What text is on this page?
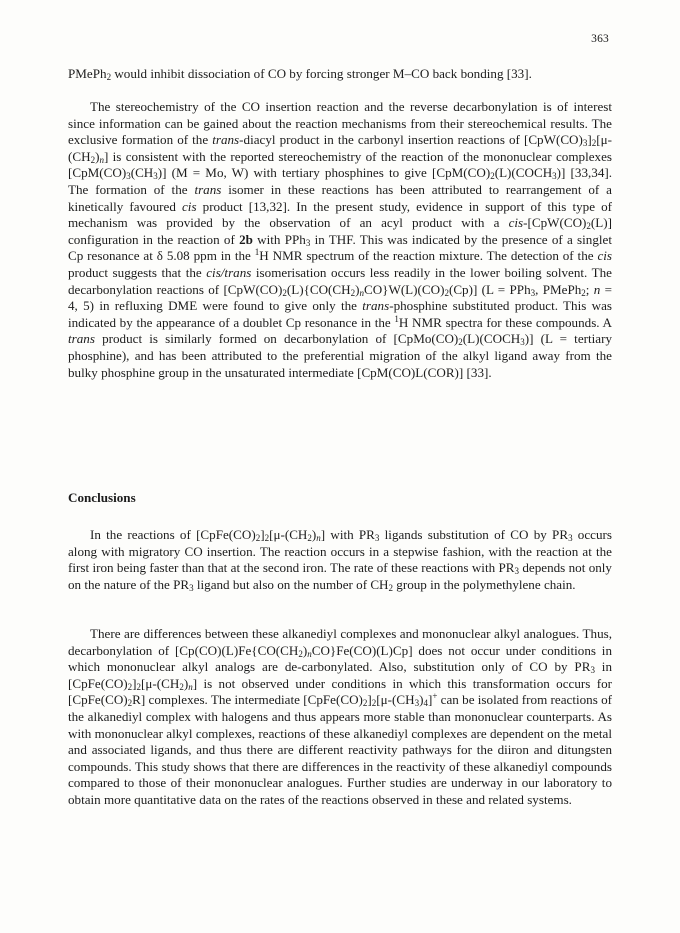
363

PMePh$_2$ would inhibit dissociation of CO by forcing stronger M–CO back bonding [33].

The stereochemistry of the CO insertion reaction and the reverse decarbonylation is of interest since information can be gained about the reaction mechanisms from their stereochemical results. The exclusive formation of the trans-diacyl product in the carbonyl insertion reactions of $[CpW(CO)_3]_2[\mu-(CH_2)_n]$ is consistent with the reported stereochemistry of the reaction of the mononuclear complexes $[CpM(CO)_3(CH_3)] (M = Mo$, W) with tertiary phosphines to give $[CpM(CO)_2(L)(COCH_3)]$ [33,34]. The formation of the trans isomer in these reactions has been attributed to rearrangement of a kinetically favoured cis product [13,32]. In the present study, evidence in support of this type of mechanism was provided by the observation of an acyl product with a cis-$[CpW(CO)_2(L)]$ configuration in the reaction of 2b with PPh$_3$ in THF. This was indicated by the presence of a singlet Cp resonance at δ 5.08 ppm in the $^1$H NMR spectrum of the reaction mixture. The detection of the cis product suggests that the cis/trans isomerisation occurs less readily in the lower boiling solvent. The decarbonylation reactions of $[CpW(CO)_2(L)\{CO(CH_2)_nCO\}W(L)(CO)_2(Cp)] (L = PPh_3$, PMePh$_2$; n = 4, 5) in refluxing DME were found to give only the trans-phosphine substituted product. This was indicated by the appearance of a doublet Cp resonance in the $^1$H NMR spectra for these compounds. A trans product is similarly formed on decarbonylation of $[CpMo(CO)_2(L)(COCH_3)] (L$ = tertiary phosphine), and has been attributed to the preferential migration of the alkyl ligand away from the bulky phosphine group in the unsaturated intermediate [CpM(CO)L(COR)] [33].

Conclusions

In the reactions of $[CpFe(CO)_2]_2[\mu-(CH_2)_n]$ with $PR_3$ ligands substitution of CO by $PR_3$ occurs along with migratory CO insertion. The reaction occurs in a stepwise fashion, with the reaction at the first iron being faster than that at the second iron. The rate of these reactions with $PR_3$ depends not only on the nature of the $PR_3$ ligand but also on the number of $CH_2$ group in the polymethylene chain.

There are differences between these alkanediyl complexes and mononuclear alkyl analogues. Thus, decarbonylation of $[Cp(CO)(L)Fe\{CO(CH_2)_nCO\}Fe(CO)(L)Cp]$ does not occur under conditions in which mononuclear alkyl analogs are de-carbonylated. Also, substitution only of CO by $PR_3$ in $[CpFe(CO)_2]_2[\mu-(CH_2)_n]$ is not observed under conditions in which this transformation occurs for $[CpFe(CO)_2R]$ complexes. The intermediate $[CpFe(CO)_2]_2[\mu-(CH_3)_4]^+$ can be isolated from reactions of the alkanediyl complex with halogens and thus appears more stable than mononuclear counterparts. As with mononuclear alkyl complexes, reactions of these alkanediyl complexes are dependent on the metal and associated ligands, and thus there are different reactivity pathways for the diiron and ditungsten compounds. This study shows that there are differences in the reactivity of these alkanediyl compounds compared to those of their mononuclear analogues. Further studies are underway in our laboratory to obtain more quantitative data on the rates of the reactions observed in these and related systems.
